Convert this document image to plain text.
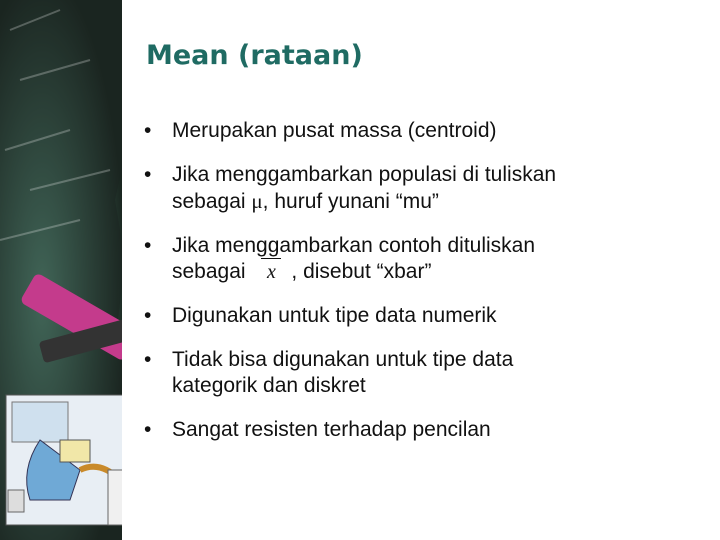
Mean (rataan)
• Merupakan pusat massa (centroid)
• Jika menggambarkan populasi di tuliskan
sebagai μ, huruf yunani “mu”
• Jika menggambarkan contoh dituliskan
sebagai x , disebut “xbar”
• Digunakan untuk tipe data numerik
• Tidak bisa digunakan untuk tipe data
kategorik dan diskret
• Sangat resisten terhadap pencilan
